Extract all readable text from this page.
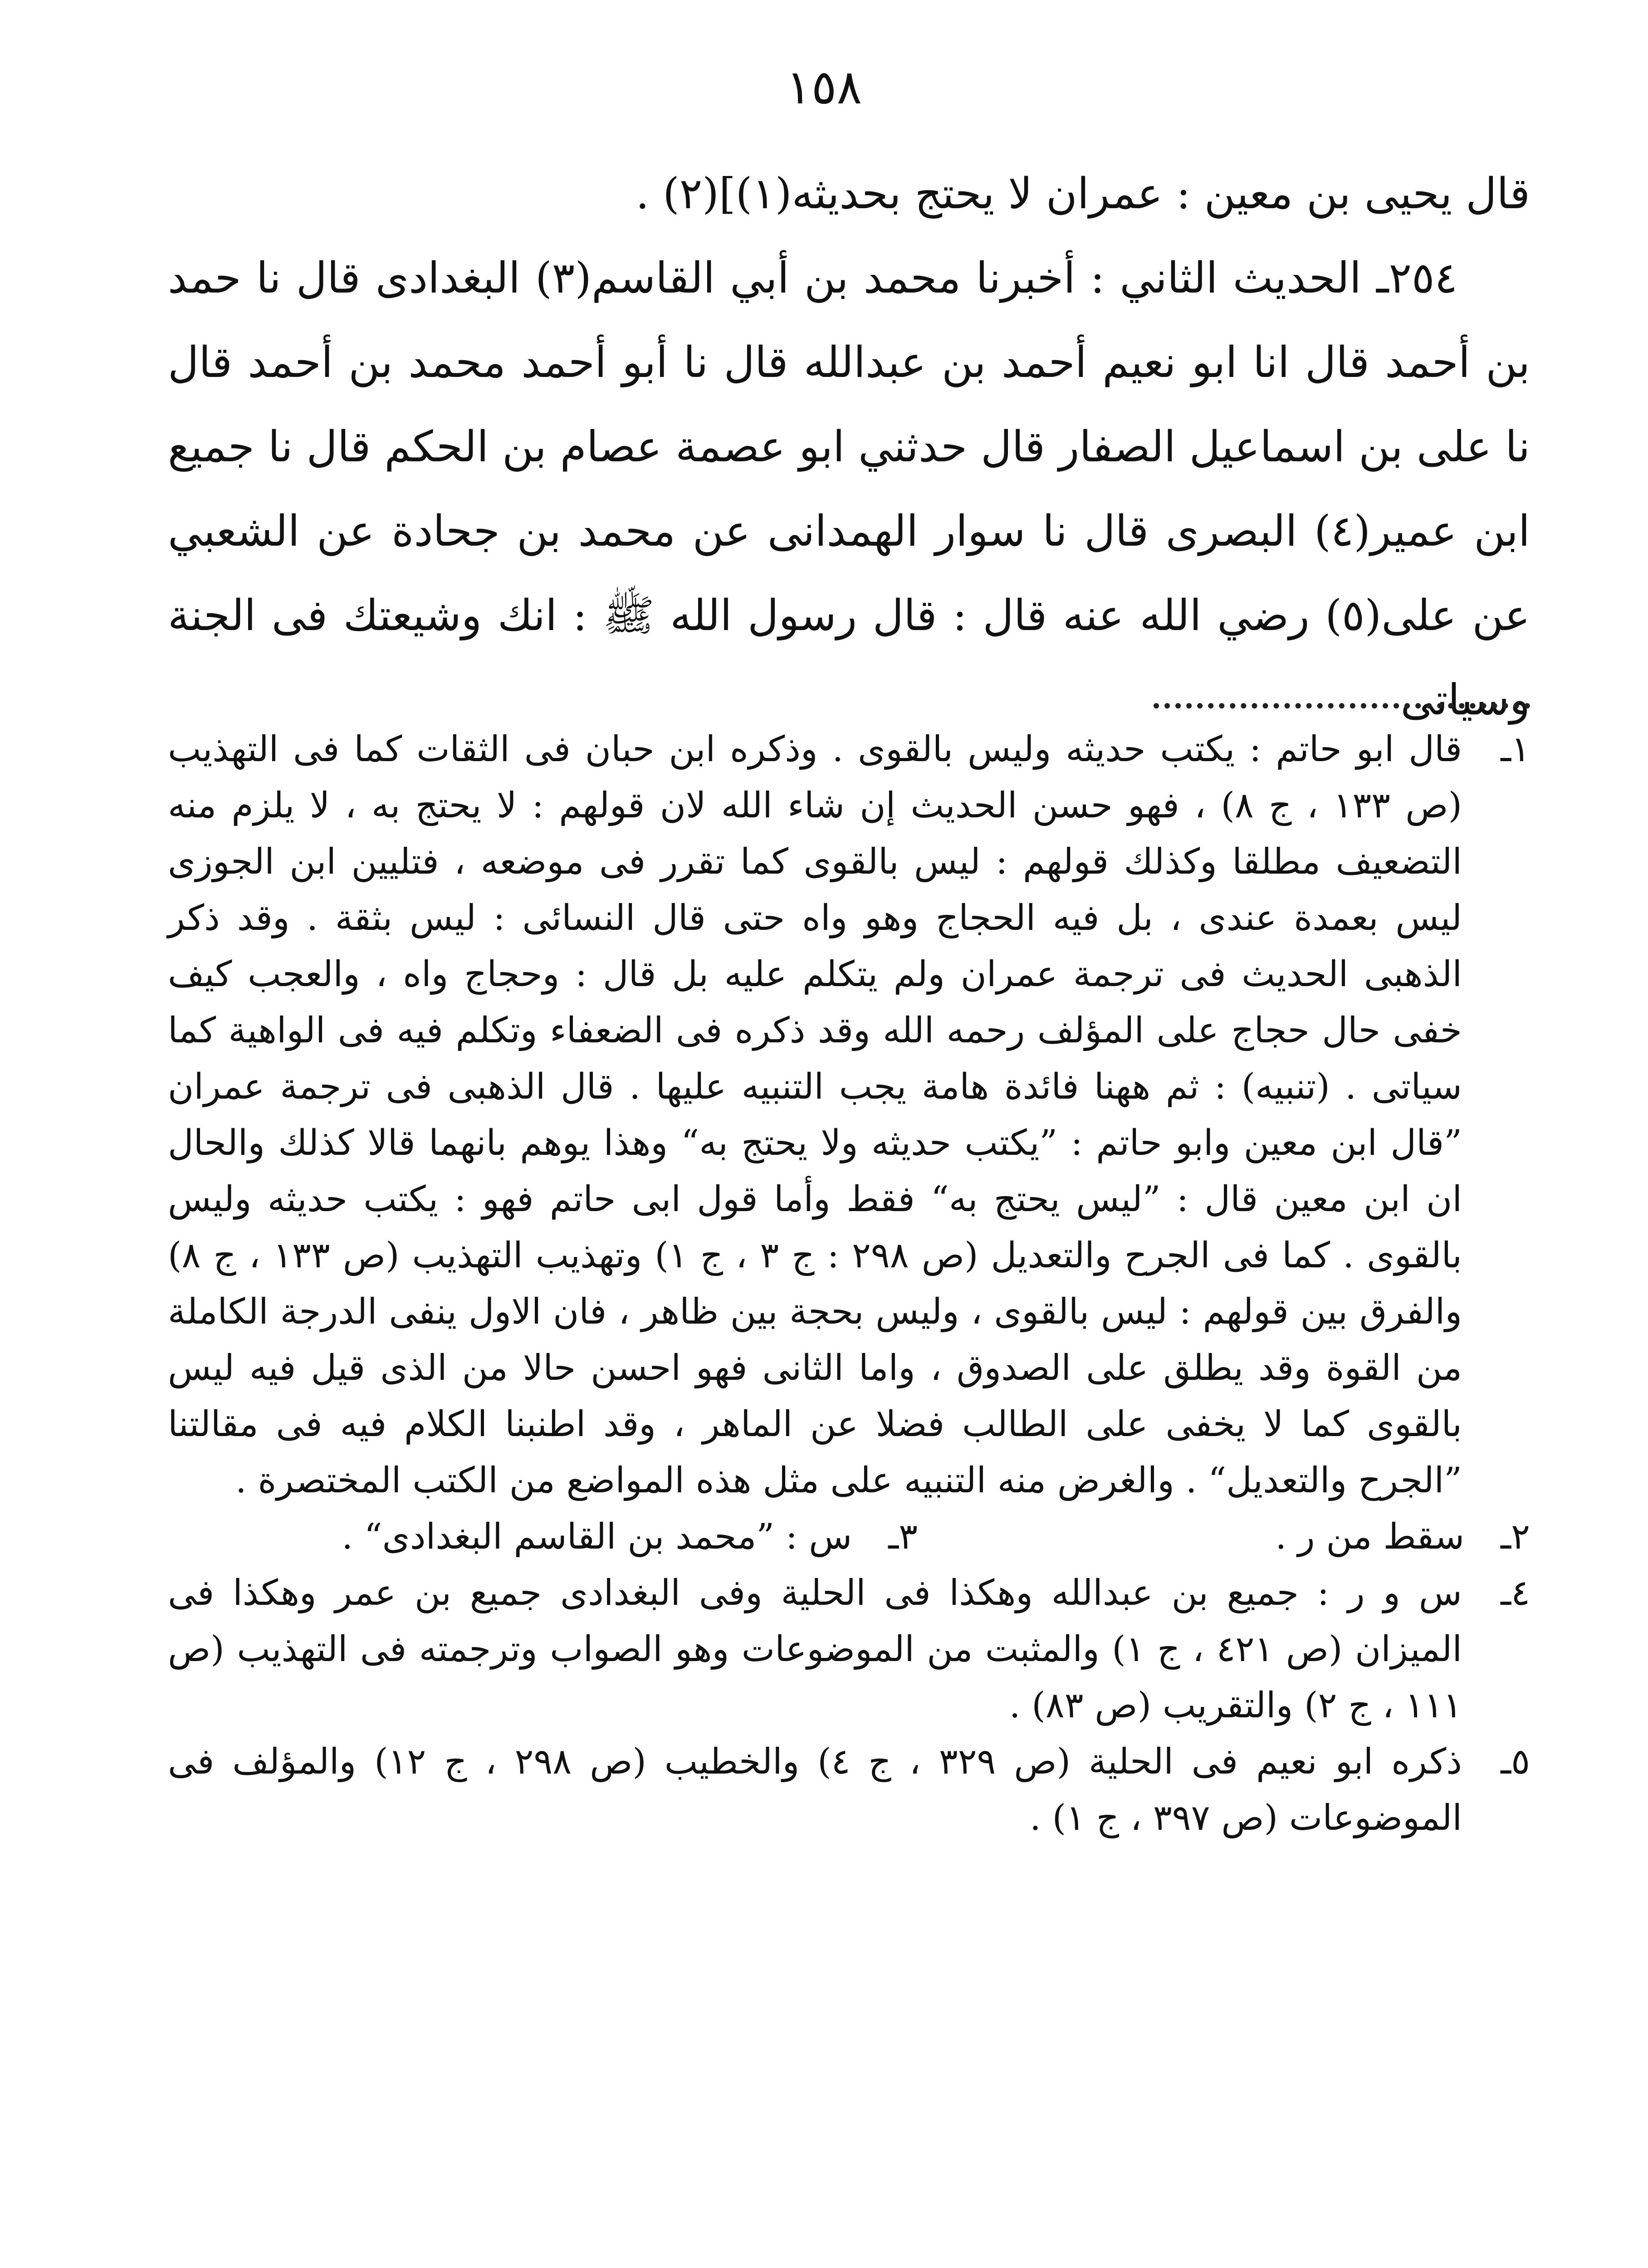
١٥٨

قال يحيى بن معين : عمران لا يحتج بحديثه(١)](٢) .

٢٥٤ـ الحديث الثاني : أخبرنا محمد بن أبي القاسم(٣) البغدادى قال نا حمد بن أحمد قال انا ابو نعيم أحمد بن عبدالله قال نا أبو أحمد محمد بن أحمد قال نا على بن اسماعيل الصفار قال حدثني ابو عصمة عصام بن الحكم قال نا جميع ابن عمير(٤) البصرى قال نا سوار الهمدانى عن محمد بن جحادة عن الشعبي عن على(٥) رضي الله عنه قال : قال رسول الله ﷺ : انك وشيعتك فى الجنة وسياتى

١ـ
قال ابو حاتم : يكتب حديثه وليس بالقوى . وذكره ابن حبان فى الثقات كما فى التهذيب (ص ١٣٣ ، ج ٨) ، فهو حسن الحديث إن شاء الله لان قولهم : لا يحتج به ، لا يلزم منه التضعيف مطلقا وكذلك قولهم : ليس بالقوى كما تقرر فى موضعه ، فتليين ابن الجوزى ليس بعمدة عندى ، بل فيه الحجاج وهو واه حتى قال النسائى : ليس بثقة . وقد ذكر الذهبى الحديث فى ترجمة عمران ولم يتكلم عليه بل قال : وحجاج واه ، والعجب كيف خفى حال حجاج على المؤلف رحمه الله وقد ذكره فى الضعفاء وتكلم فيه فى الواهية كما سياتى . (تنبيه) : ثم ههنا فائدة هامة يجب التنبيه عليها . قال الذهبى فى ترجمة عمران ”قال ابن معين وابو حاتم : ”يكتب حديثه ولا يحتج به“ وهذا يوهم بانهما قالا كذلك والحال ان ابن معين قال : ”ليس يحتج به“ فقط وأما قول ابى حاتم فهو : يكتب حديثه وليس بالقوى . كما فى الجرح والتعديل (ص ٢٩٨ : ج ٣ ، ج ١) وتهذيب التهذيب (ص ١٣٣ ، ج ٨) والفرق بين قولهم : ليس بالقوى ، وليس بحجة بين ظاهر ، فان الاول ينفى الدرجة الكاملة من القوة وقد يطلق على الصدوق ، واما الثانى فهو احسن حالا من الذى قيل فيه ليس بالقوى كما لا يخفى على الطالب فضلا عن الماهر ، وقد اطنبنا الكلام فيه فى مقالتنا ”الجرح والتعديل“ . والغرض منه التنبيه على مثل هذه المواضع من الكتب المختصرة .
٢ـ سقط من ر .
٣ـ س : ”محمد بن القاسم البغدادى“ .
٤ـ
س و ر : جميع بن عبدالله وهكذا فى الحلية وفى البغدادى جميع بن عمر وهكذا فى الميزان (ص ٤٢١ ، ج ١) والمثبت من الموضوعات وهو الصواب وترجمته فى التهذيب (ص ١١١ ، ج ٢) والتقريب (ص ٨٣) .
٥ـ
ذكره ابو نعيم فى الحلية (ص ٣٢٩ ، ج ٤) والخطيب (ص ٢٩٨ ، ج ١٢) والمؤلف فى الموضوعات (ص ٣٩٧ ، ج ١) .
